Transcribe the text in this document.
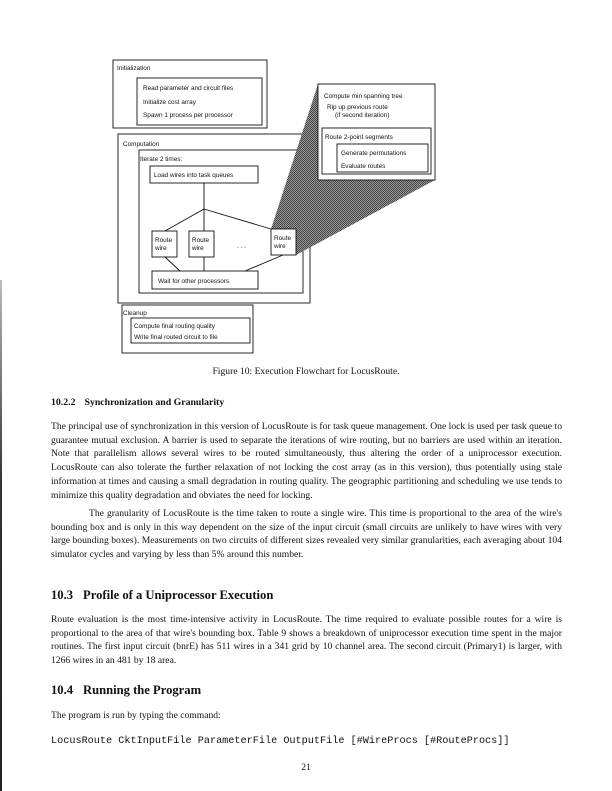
Initialization
Read parameter and circuit files
Initialize cost array
Spawn 1 process per processor
Computation
Iterate 2 times:
Load wires into task queues
Route
wire
Route
wire	. . .
Route
wire
Wait for other processors
Compute min spanning tree
Rip up previous route
(if second iteration)
Route 2-point segments
Generate permutations
Evaluate routes
Cleanup
Compute final routing quality
Write final routed circuit to file
Figure 10: Execution Flowchart for LocusRoute.
10.2.2 Synchronization and Granularity
The principal use of synchronization in this version of LocusRoute is for task queue management. One lock is used per task queue to guarantee mutual exclusion. A barrier is used to separate the iterations of wire routing, but no barriers are used within an iteration. Note that parallelism allows several wires to be routed simultaneously, thus altering the order of a uniprocessor execution. LocusRoute can also tolerate the further relaxation of not locking the cost array (as in this version), thus potentially using stale information at times and causing a small degradation in routing quality. The geographic partitioning and scheduling we use tends to minimize this quality degradation and obviates the need for locking.
The granularity of LocusRoute is the time taken to route a single wire. This time is proportional to the area of the wire's bounding box and is only in this way dependent on the size of the input circuit (small circuits are unlikely to have wires with very large bounding boxes). Measurements on two circuits of different sizes revealed very similar granularities, each averaging about 104 simulator cycles and varying by less than 5% around this number.
10.3 Profile of a Uniprocessor Execution
Route evaluation is the most time-intensive activity in LocusRoute. The time required to evaluate possible routes for a wire is proportional to the area of that wire's bounding box. Table 9 shows a breakdown of uniprocessor execution time spent in the major routines. The first input circuit (bnrE) has 511 wires in a 341 grid by 10 channel area. The second circuit (Primary1) is larger, with 1266 wires in an 481 by 18 area.
10.4 Running the Program
The program is run by typing the command:
LocusRoute CktInputFile ParameterFile OutputFile [#WireProcs [#RouteProcs]]
21
